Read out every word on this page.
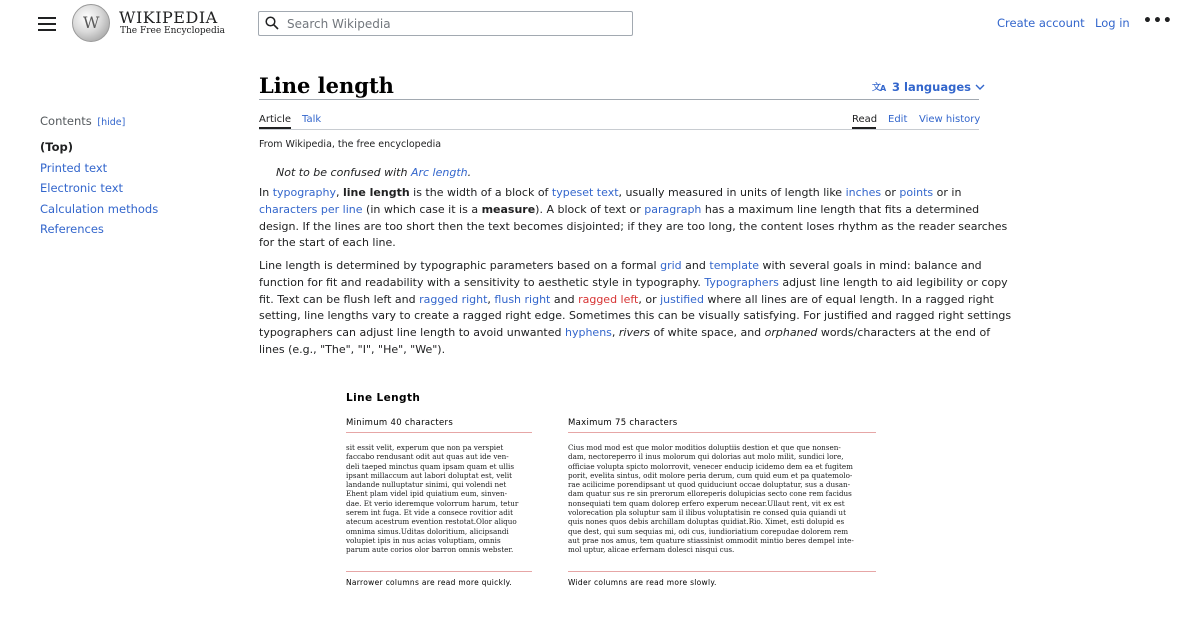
W
WIKIPEDIA
The Free Encyclopedia
Search Wikipedia
Create account Log in •••
Contents [hide]
(Top)
Printed text
Electronic text
Calculation methods
References
Line length	文
A 3 languages
Article Talk	Read Edit View history
From Wikipedia, the free encyclopedia
Not to be confused with Arc length.

In typography, line length is the width of a block of typeset text, usually measured in units of length like inches or points or in

characters per line (in which case it is a measure). A block of text or paragraph has a maximum line length that fits a determined

design. If the lines are too short then the text becomes disjointed; if they are too long, the content loses rhythm as the reader searches

for the start of each line.

Line length is determined by typographic parameters based on a formal grid and template with several goals in mind: balance and

function for fit and readability with a sensitivity to aesthetic style in typography. Typographers adjust line length to aid legibility or copy

fit. Text can be flush left and ragged right, flush right and ragged left, or justified where all lines are of equal length. In a ragged right

setting, line lengths vary to create a ragged right edge. Sometimes this can be visually satisfying. For justified and ragged right settings

typographers can adjust line length to avoid unwanted hyphens, rivers of white space, and orphaned words/characters at the end of

lines (e.g., "The", "I", "He", "We").

Line Length
Minimum 40 characters	Maximum 75 characters

sit essit velit, experum que non pa verspiet

faccabo rendusant odit aut quas aut ide ven-

deli taeped minctus quam ipsam quam et ullis

ipsant millaccum aut labori doluptat est, velit

landande nulluptatur sinimi, qui volendi net

Ehent plam videl ipid quiatium eum, sinven-

dae. Et verio ideremque volorrum harum, tetur

serem int fuga. Et vide a consece rovitior adit

atecum acestrum evention restotat.Olor aliquo

omnima simus.Uditas doloritium, alicipsandi

volupiet ipis in nus acias voluptiam, omnis

parum aute corios olor barron omnis webster.

Cius mod mod est que molor moditios doluptiis destion et que que nonsen-

dam, nectoreperro il inus molorum qui dolorias aut molo milit, sundici lore,

officiae volupta spicto molorrovit, venecer enducip icidemo dem ea et fugitem

porit, evelita sintus, odit molore peria derum, cum quid eum et pa quatemolo-

rae acilicime porendipsant ut quod quiduciunt occae doluptatur, sus a dusan-

dam quatur sus re sin prerorum elloreperis dolupicias secto cone rem facidus

nonsequiati tem quam dolorep erfero experum necear.Ullaut rent, vit ex est

volorecation pla soluptur sam il ilibus voluptatisin re consed quia quiandi ut

quis nones quos debis archillam doluptas quidiat.Rio. Ximet, esti dolupid es

que dest, qui sum sequias mi, odi cus, iundioriatium corepudae dolorem rem

aut prae nos amus, tem quature stiassinist ommodit mintio beres dempel inte-

mol uptur, alicae erfernam dolesci nisqui cus.

Narrower columns are read more quickly.	Wider columns are read more slowly.
